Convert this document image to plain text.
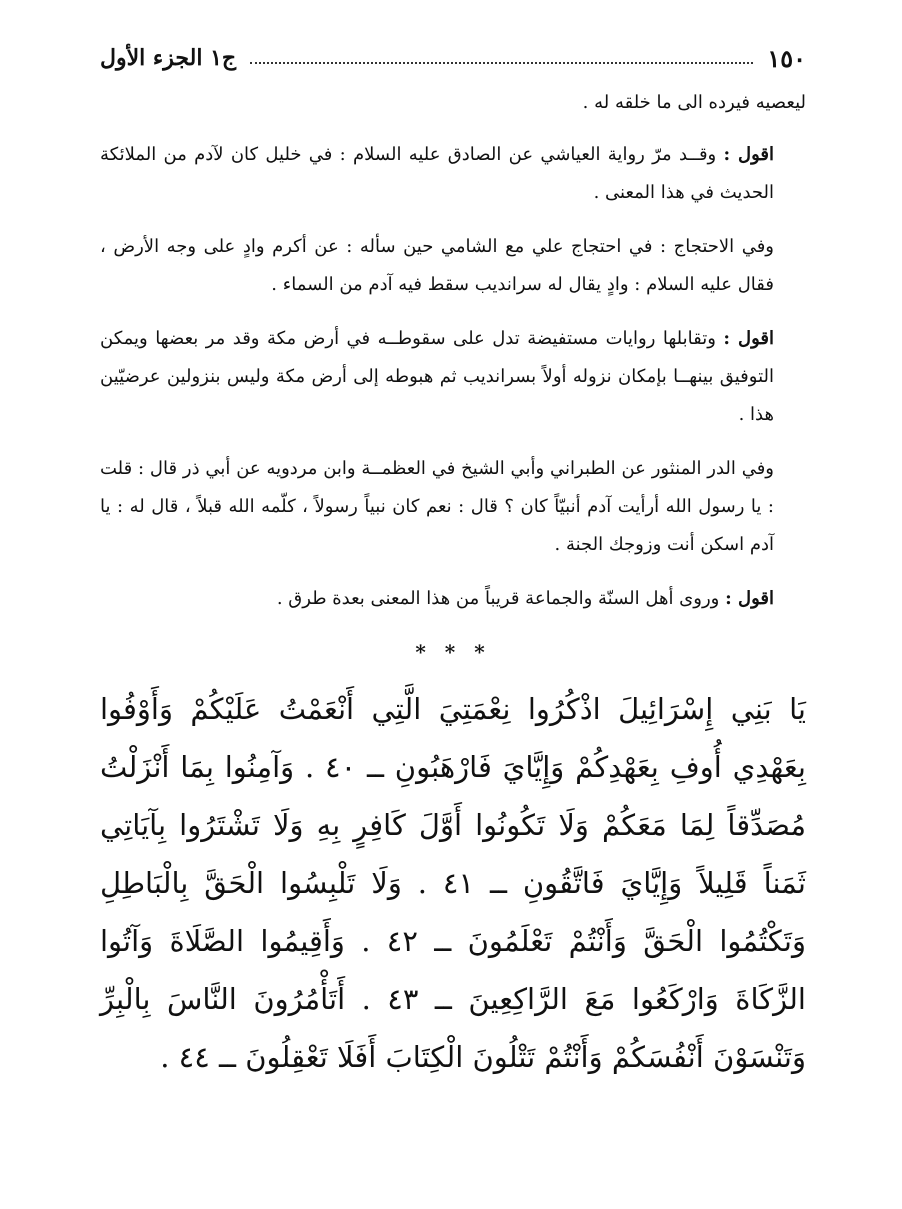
ج١ الجزء الأول	١٥٠

ليعصيه فيرده الى ما خلقه له .

اقول : وقــد مرّ رواية العياشي عن الصادق عليه السلام : في خليل كان لآدم من الملائكة الحديث في هذا المعنى .

وفي الاحتجاج : في احتجاج علي مع الشامي حين سأله : عن أكرم وادٍ على وجه الأرض ، فقال عليه السلام : وادٍ يقال له سرانديب سقط فيه آدم من السماء .

اقول : وتقابلها روايات مستفيضة تدل على سقوطــه في أرض مكة وقد مر بعضها ويمكن التوفيق بينهــا بإمكان نزوله أولاً بسرانديب ثم هبوطه إلى أرض مكة وليس بنزولين عرضيّين هذا .

وفي الدر المنثور عن الطبراني وأبي الشيخ في العظمــة وابن مردويه عن أبي ذر قال : قلت : يا رسول الله أرأيت آدم أنبيّاً كان ؟ قال : نعم كان نبياً رسولاً ، كلّمه الله قبلاً ، قال له : يا آدم اسكن أنت وزوجك الجنة .

اقول : وروى أهل السنّة والجماعة قريباً من هذا المعنى بعدة طرق .

* * *

يَا بَنِي إِسْرَائِيلَ اذْكُرُوا نِعْمَتِيَ الَّتِي أَنْعَمْتُ عَلَيْكُمْ وَأَوْفُوا بِعَهْدِي أُوفِ بِعَهْدِكُمْ وَإِيَّايَ فَارْهَبُونِ ــ ٤٠ . وَآمِنُوا بِمَا أَنْزَلْتُ مُصَدِّقاً لِمَا مَعَكُمْ وَلَا تَكُونُوا أَوَّلَ كَافِرٍ بِهِ وَلَا تَشْتَرُوا بِآيَاتِي ثَمَناً قَلِيلاً وَإِيَّايَ فَاتَّقُونِ ــ ٤١ . وَلَا تَلْبِسُوا الْحَقَّ بِالْبَاطِلِ وَتَكْتُمُوا الْحَقَّ وَأَنْتُمْ تَعْلَمُونَ ــ ٤٢ . وَأَقِيمُوا الصَّلَاةَ وَآتُوا الزَّكَاةَ وَارْكَعُوا مَعَ الرَّاكِعِينَ ــ ٤٣ . أَتَأْمُرُونَ النَّاسَ بِالْبِرِّ وَتَنْسَوْنَ أَنْفُسَكُمْ وَأَنْتُمْ تَتْلُونَ الْكِتَابَ أَفَلَا تَعْقِلُونَ ــ ٤٤ .
